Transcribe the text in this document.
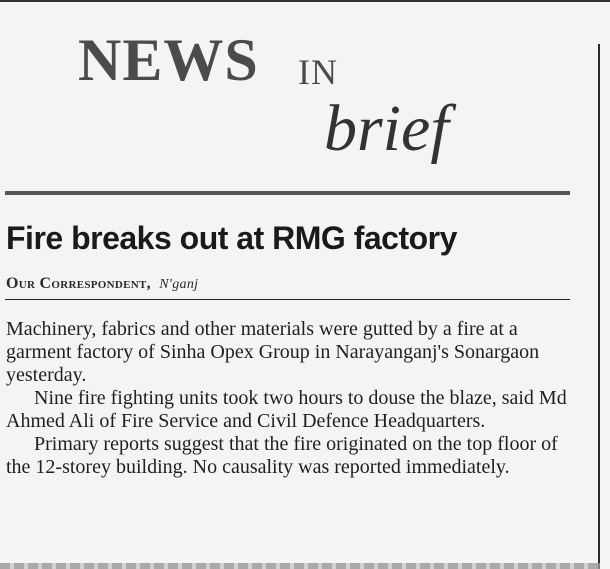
NEWS IN
brief
Fire breaks out at RMG factory
Our Correspondent, N'ganj

Machinery, fabrics and other materials were gutted by a fire at a garment factory of Sinha Opex Group in Narayanganj's Sonargaon yesterday.

Nine fire fighting units took two hours to douse the blaze, said Md Ahmed Ali of Fire Service and Civil Defence Headquarters.

Primary reports suggest that the fire originated on the top floor of the 12-storey building. No causality was reported immediately.
